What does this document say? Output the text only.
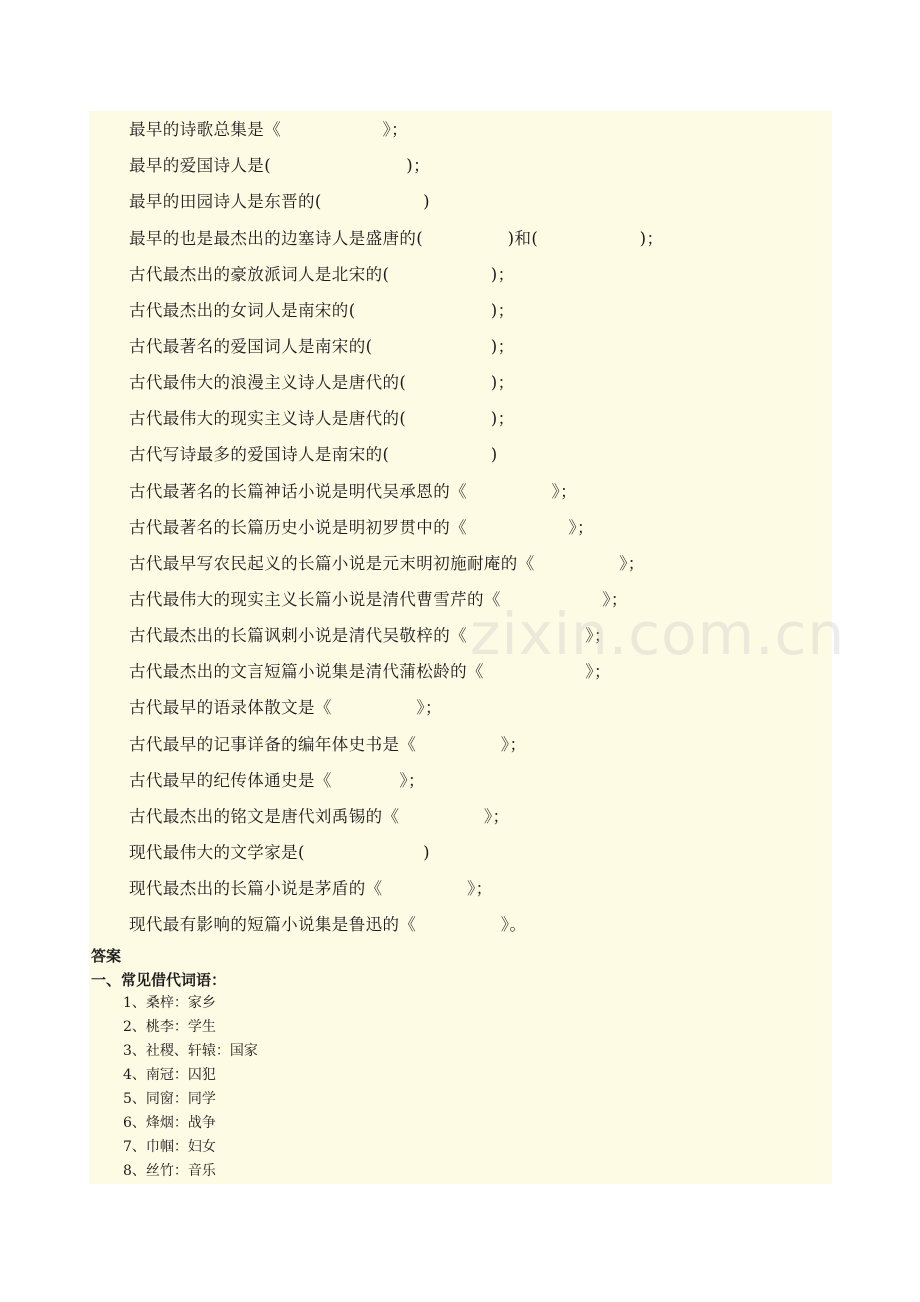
最早的诗歌总集是《　　　　　　》；
最早的爱国诗人是(　　　　　　　　)；
最早的田园诗人是东晋的(　　　　　　)
最早的也是最杰出的边塞诗人是盛唐的(　　　　　)和(　　　　　　)；
古代最杰出的豪放派词人是北宋的(　　　　　　)；
古代最杰出的女词人是南宋的(　　　　　　　　)；
古代最著名的爱国词人是南宋的(　　　　　　　)；
古代最伟大的浪漫主义诗人是唐代的(　　　　　)；
古代最伟大的现实主义诗人是唐代的(　　　　　)；
古代写诗最多的爱国诗人是南宋的(　　　　　　)
古代最著名的长篇神话小说是明代吴承恩的《　　　　　》；
古代最著名的长篇历史小说是明初罗贯中的《　　　　　　》；
古代最早写农民起义的长篇小说是元末明初施耐庵的《　　　　　》；
古代最伟大的现实主义长篇小说是清代曹雪芹的《　　　　　　》；
古代最杰出的长篇讽刺小说是清代吴敬梓的《　　　　　　　》；
古代最杰出的文言短篇小说集是清代蒲松龄的《　　　　　　》；
古代最早的语录体散文是《　　　　　》；
古代最早的记事详备的编年体史书是《　　　　　》；
古代最早的纪传体通史是《　　　　》；
古代最杰出的铭文是唐代刘禹锡的《　　　　　》；
现代最伟大的文学家是(　　　　　　　)
现代最杰出的长篇小说是茅盾的《　　　　　》；
现代最有影响的短篇小说集是鲁迅的《　　　　　》。
答案
一、常见借代词语：
1、桑梓：家乡
2、桃李：学生
3、社稷、轩辕：国家
4、南冠：囚犯
5、同窗：同学
6、烽烟：战争
7、巾帼：妇女
8、丝竹：音乐
zixin.com.cn
